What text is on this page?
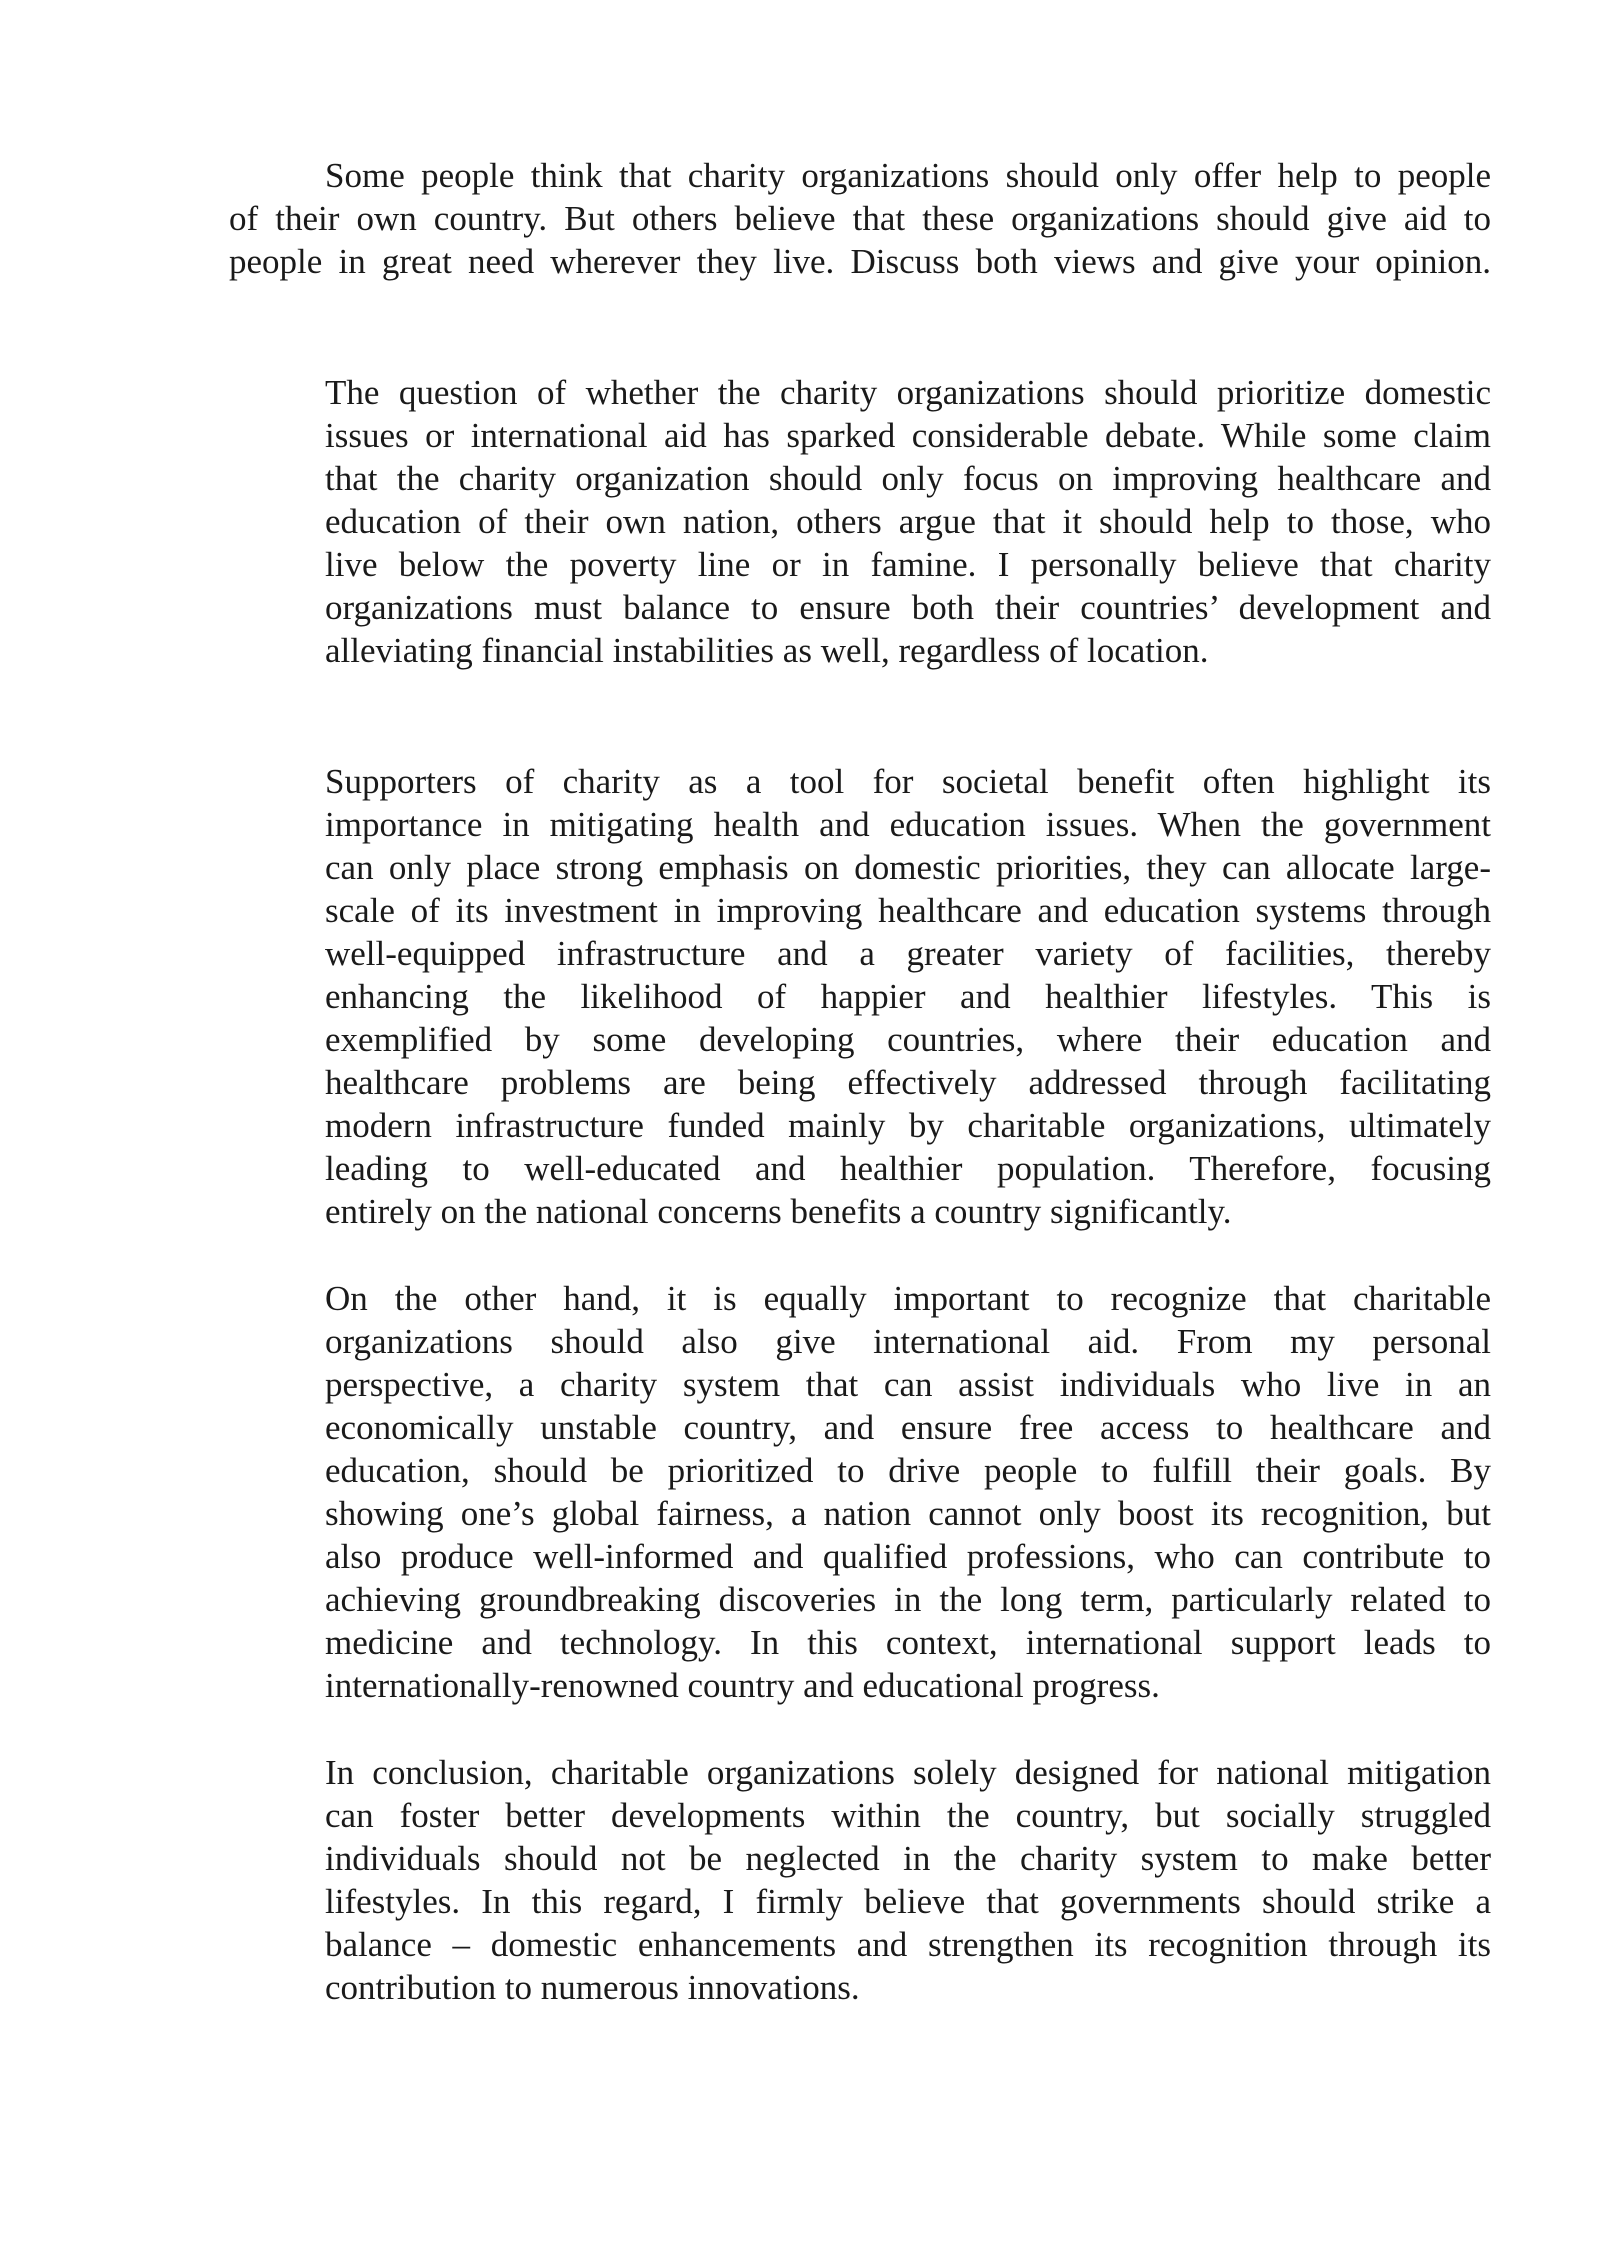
Some people think that charity organizations should only offer help to people
of their own country. But others believe that these organizations should give aid to
people in great need wherever they live. Discuss both views and give your opinion.
The question of whether the charity organizations should prioritize domestic
issues or international aid has sparked considerable debate. While some claim
that the charity organization should only focus on improving healthcare and
education of their own nation, others argue that it should help to those, who
live below the poverty line or in famine. I personally believe that charity
organizations must balance to ensure both their countries’ development and
alleviating financial instabilities as well, regardless of location.
Supporters of charity as a tool for societal benefit often highlight its
importance in mitigating health and education issues. When the government
can only place strong emphasis on domestic priorities, they can allocate large-
scale of its investment in improving healthcare and education systems through
well-equipped infrastructure and a greater variety of facilities, thereby
enhancing the likelihood of happier and healthier lifestyles. This is
exemplified by some developing countries, where their education and
healthcare problems are being effectively addressed through facilitating
modern infrastructure funded mainly by charitable organizations, ultimately
leading to well-educated and healthier population. Therefore, focusing
entirely on the national concerns benefits a country significantly.
On the other hand, it is equally important to recognize that charitable
organizations should also give international aid. From my personal
perspective, a charity system that can assist individuals who live in an
economically unstable country, and ensure free access to healthcare and
education, should be prioritized to drive people to fulfill their goals. By
showing one’s global fairness, a nation cannot only boost its recognition, but
also produce well-informed and qualified professions, who can contribute to
achieving groundbreaking discoveries in the long term, particularly related to
medicine and technology. In this context, international support leads to
internationally-renowned country and educational progress.
In conclusion, charitable organizations solely designed for national mitigation
can foster better developments within the country, but socially struggled
individuals should not be neglected in the charity system to make better
lifestyles. In this regard, I firmly believe that governments should strike a
balance – domestic enhancements and strengthen its recognition through its
contribution to numerous innovations.
